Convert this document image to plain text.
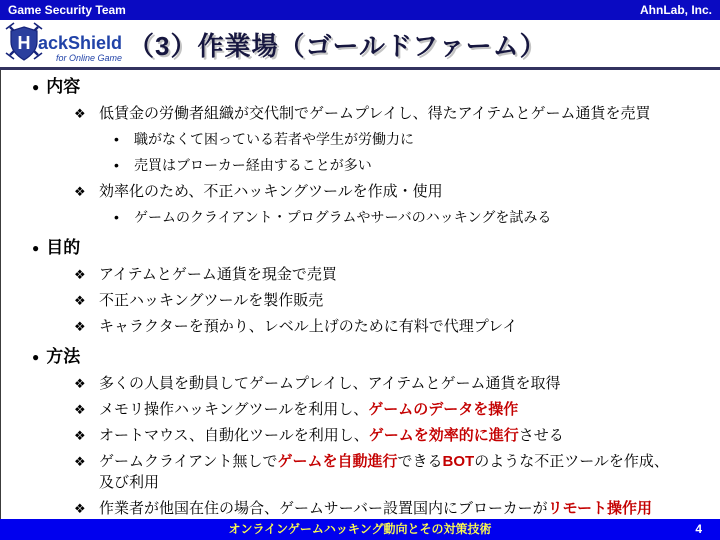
Game Security Team	AhnLab, Inc.
H ackShield
for Online Game （3）作業場（ゴールドファーム）
● 内容
❖ 低賃金の労働者組織が交代制でゲームプレイし、得たアイテムとゲーム通貨を売買
•	職がなくて困っている若者や学生が労働力に
•	売買はブローカー経由することが多い
❖ 効率化のため、不正ハッキングツールを作成・使用
•	ゲームのクライアント・プログラムやサーバのハッキングを試みる
● 目的
❖ アイテムとゲーム通貨を現金で売買
❖ 不正ハッキングツールを製作販売
❖ キャラクターを預かり、レベル上げのために有料で代理プレイ
● 方法
❖ 多くの人員を動員してゲームプレイし、アイテムとゲーム通貨を取得
❖ メモリ操作ハッキングツールを利用し、ゲームのデータを操作
❖ オートマウス、自動化ツールを利用し、ゲームを効率的に進行させる
❖ ゲームクライアント無しでゲームを自動進行できるBOTのような不正ツールを作成、
及び利用
❖ 作業者が他国在住の場合、ゲームサーバー設置国内にブローカーがリモート操作用

オンラインゲームハッキング動向とその対策技術	4
